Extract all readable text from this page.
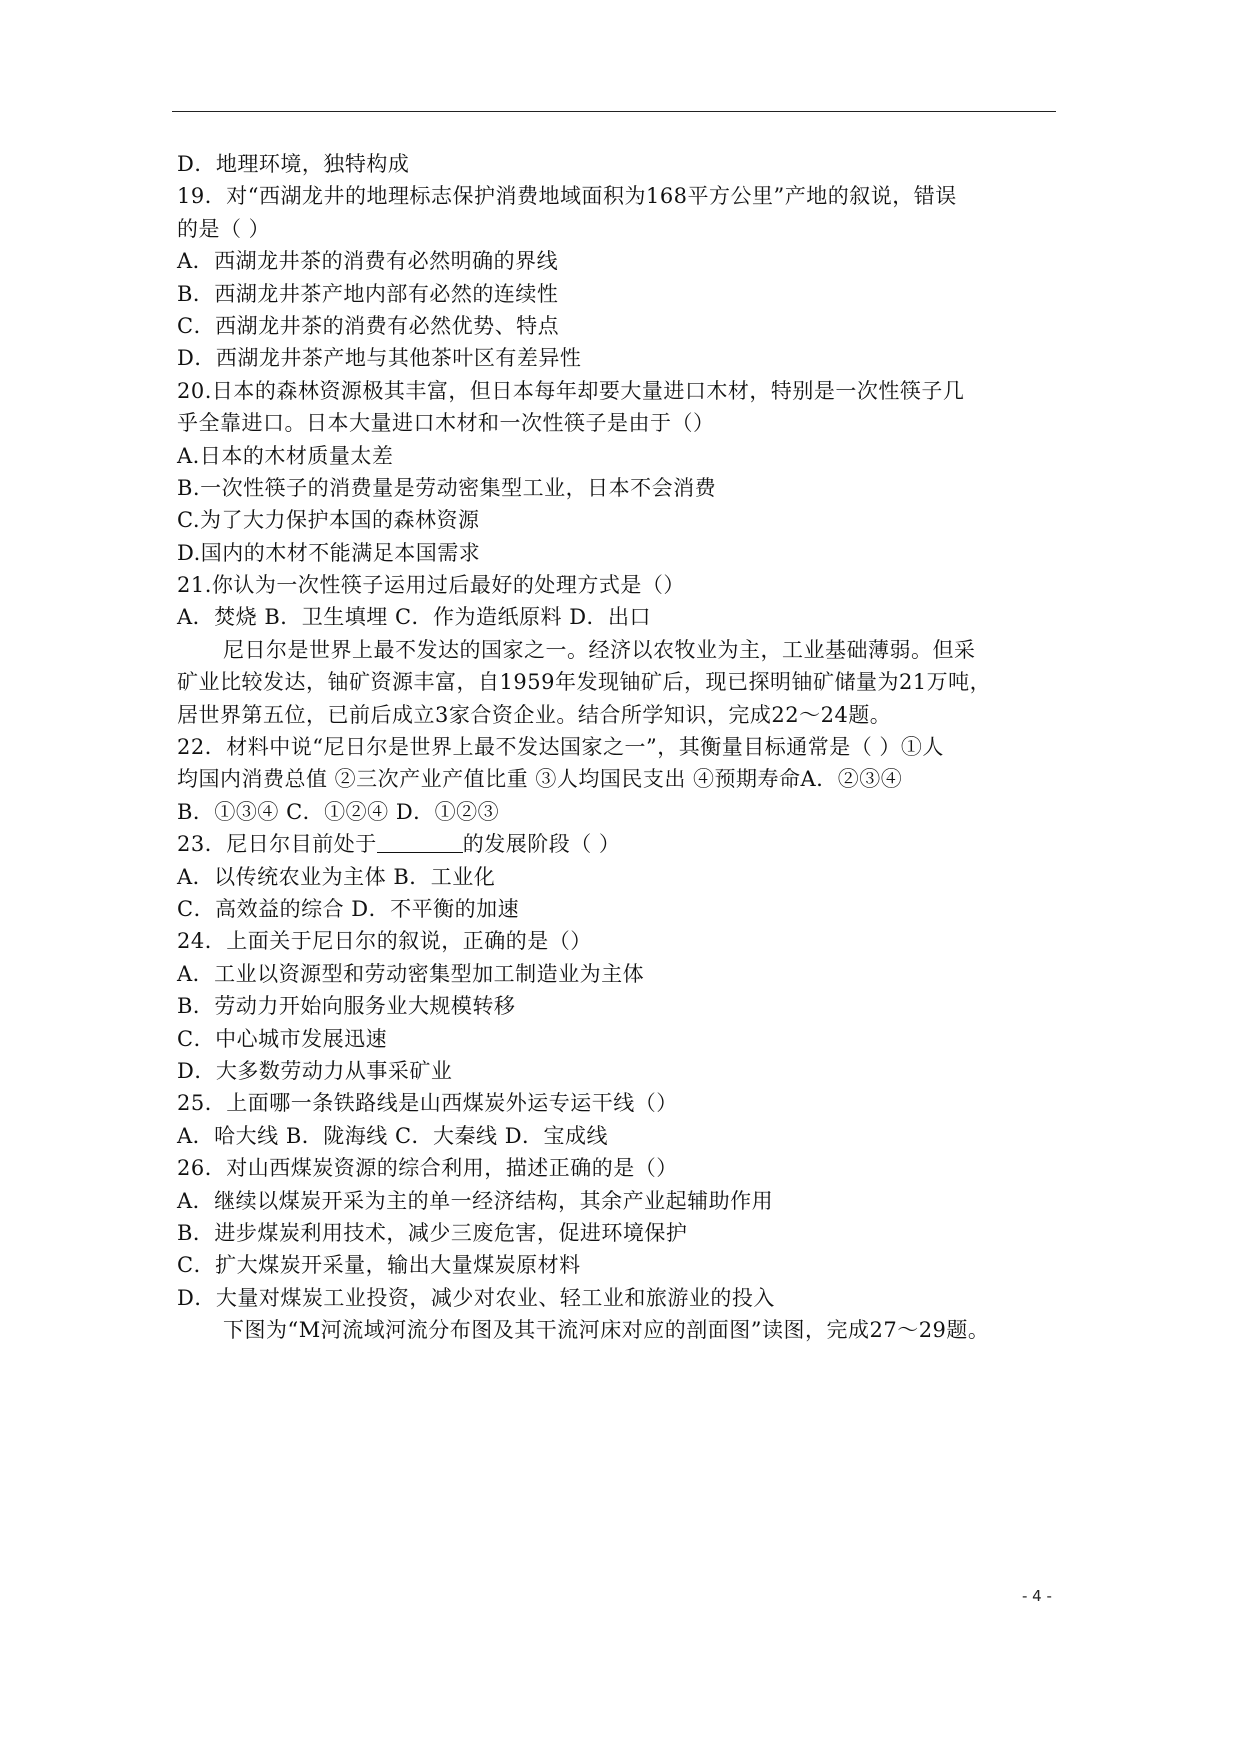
D．地理环境，独特构成
19．对“西湖龙井的地理标志保护消费地域面积为168平方公里”产地的叙说，错误
的是（ ）
A．西湖龙井茶的消费有必然明确的界线
B．西湖龙井茶产地内部有必然的连续性
C．西湖龙井茶的消费有必然优势、特点
D．西湖龙井茶产地与其他茶叶区有差异性
20.日本的森林资源极其丰富，但日本每年却要大量进口木材，特别是一次性筷子几
乎全靠进口。日本大量进口木材和一次性筷子是由于（）
A.日本的木材质量太差
B.一次性筷子的消费量是劳动密集型工业，日本不会消费
C.为了大力保护本国的森林资源
D.国内的木材不能满足本国需求
21.你认为一次性筷子运用过后最好的处理方式是（）
A．焚烧 B．卫生填埋 C．作为造纸原料 D．出口
尼日尔是世界上最不发达的国家之一。经济以农牧业为主，工业基础薄弱。但采
矿业比较发达，铀矿资源丰富，自1959年发现铀矿后，现已探明铀矿储量为21万吨，
居世界第五位，已前后成立3家合资企业。结合所学知识，完成22～24题。
22．材料中说“尼日尔是世界上最不发达国家之一”，其衡量目标通常是（ ）①人
均国内消费总值 ②三次产业产值比重 ③人均国民支出 ④预期寿命A．②③④
B．①③④ C．①②④ D．①②③
23．尼日尔目前处于	的发展阶段（ ）
A．以传统农业为主体 B．工业化
C．高效益的综合 D．不平衡的加速
24．上面关于尼日尔的叙说，正确的是（）
A．工业以资源型和劳动密集型加工制造业为主体
B．劳动力开始向服务业大规模转移
C．中心城市发展迅速
D．大多数劳动力从事采矿业
25．上面哪一条铁路线是山西煤炭外运专运干线（）
A．哈大线 B．陇海线 C．大秦线 D．宝成线
26．对山西煤炭资源的综合利用，描述正确的是（）
A．继续以煤炭开采为主的单一经济结构，其余产业起辅助作用
B．进步煤炭利用技术，减少三废危害，促进环境保护
C．扩大煤炭开采量，输出大量煤炭原材料
D．大量对煤炭工业投资，减少对农业、轻工业和旅游业的投入
下图为“M河流域河流分布图及其干流河床对应的剖面图”读图，完成27～29题。
- 4 -
